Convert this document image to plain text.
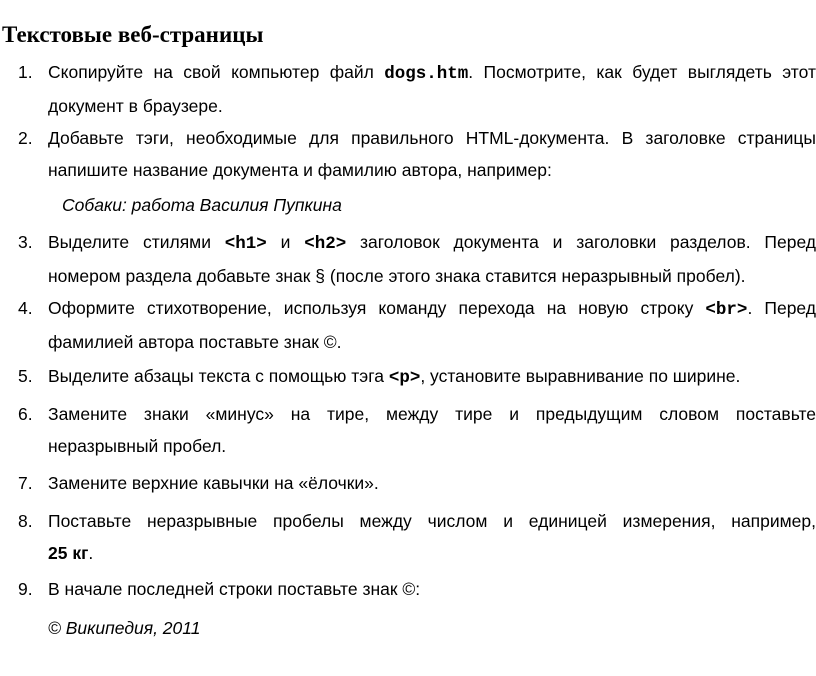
Текстовые веб-страницы
1. Скопируйте на свой компьютер файл dogs.htm. Посмотрите, как будет выглядеть этот
документ в браузере.
2. Добавьте тэги, необходимые для правильного HTML-документа. В заголовке страницы
напишите название документа и фамилию автора, например:
Собаки: работа Василия Пупкина
3. Выделите стилями <h1> и <h2> заголовок документа и заголовки разделов. Перед
номером раздела добавьте знак § (после этого знака ставится неразрывный пробел).
4. Оформите стихотворение, используя команду перехода на новую строку <br>. Перед
фамилией автора поставьте знак ©.
5. Выделите абзацы текста с помощью тэга <p>, установите выравнивание по ширине.
6. Замените знаки «минус» на тире, между тире и предыдущим словом поставьте
неразрывный пробел.
7. Замените верхние кавычки на «ёлочки».
8. Поставьте неразрывные пробелы между числом и единицей измерения, например,
25 кг.
9. В начале последней строки поставьте знак ©:
© Википедия, 2011
